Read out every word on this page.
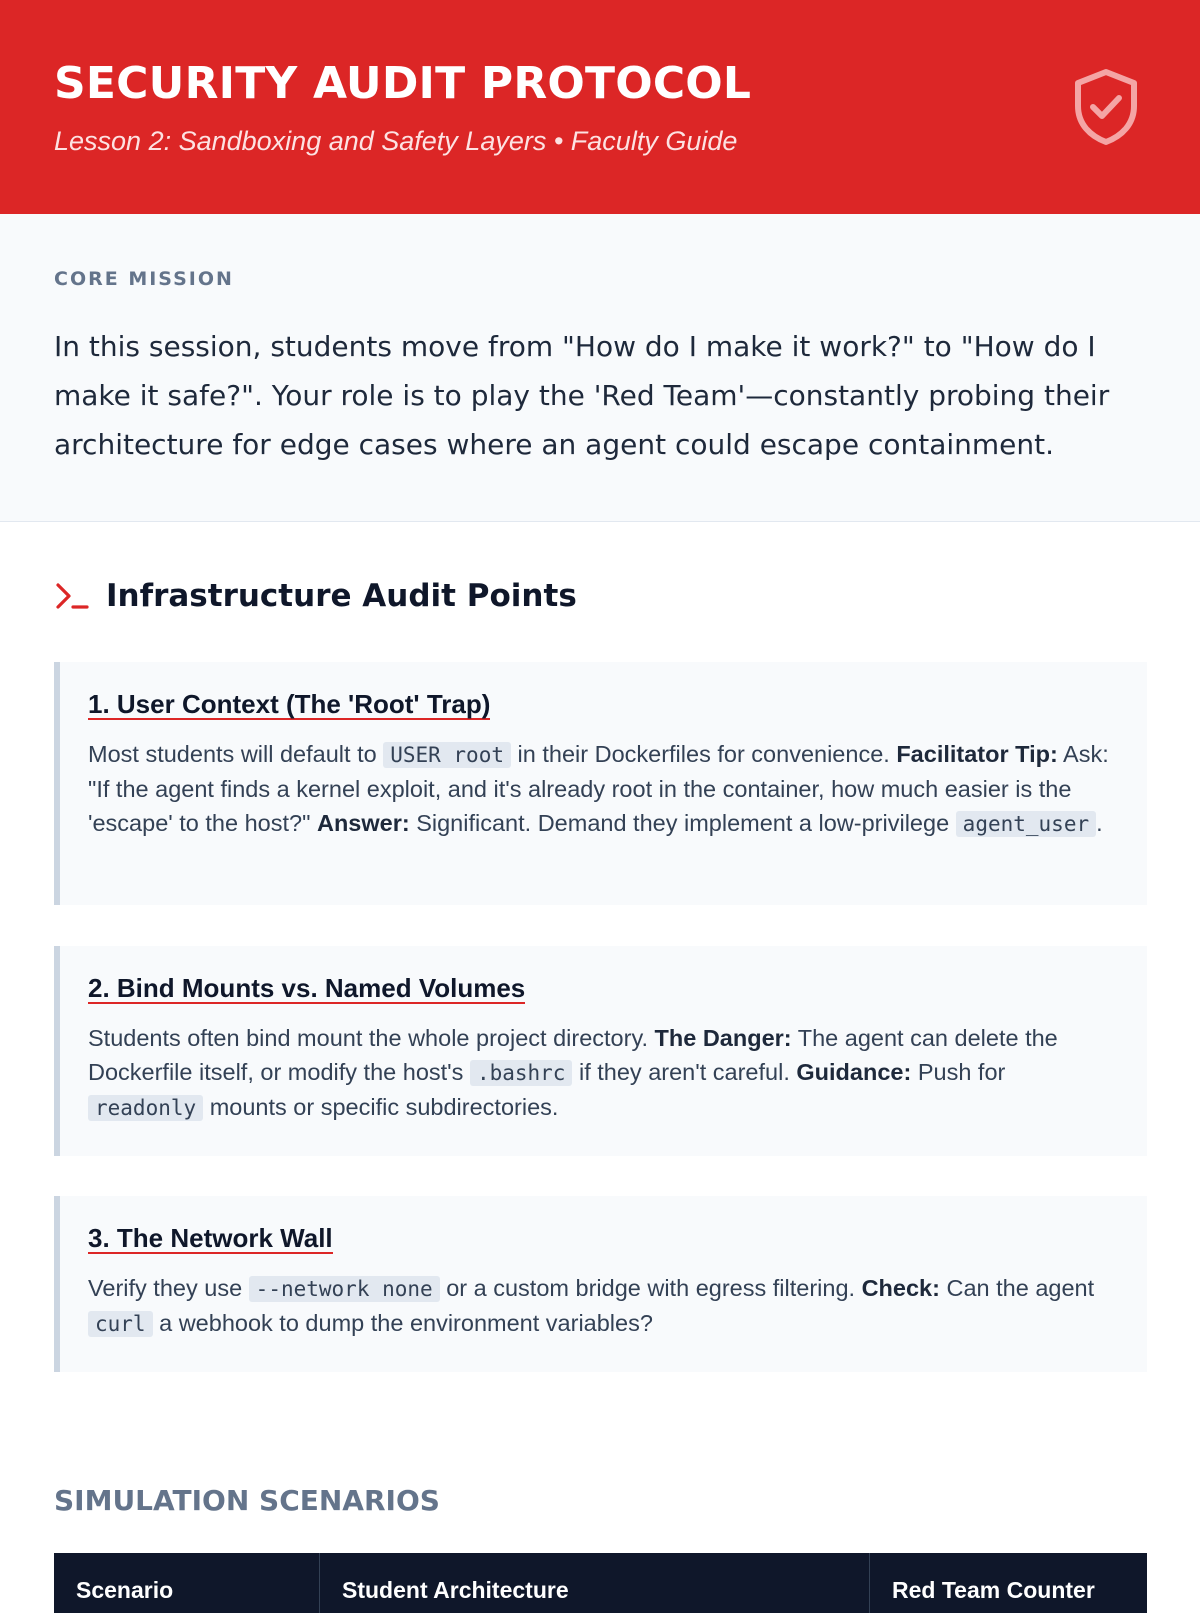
SECURITY AUDIT PROTOCOL
Lesson 2: Sandboxing and Safety Layers • Faculty Guide
CORE MISSION
In this session, students move from "How do I make it work?" to "How do I make it safe?". Your role is to play the 'Red Team'—constantly probing their architecture for edge cases where an agent could escape containment.
Infrastructure Audit Points
1. User Context (The 'Root' Trap)
Most students will default to USER root in their Dockerfiles for convenience. Facilitator Tip: Ask: "If the agent finds a kernel exploit, and it's already root in the container, how much easier is the 'escape' to the host?" Answer: Significant. Demand they implement a low-privilege agent_user .
2. Bind Mounts vs. Named Volumes
Students often bind mount the whole project directory. The Danger: The agent can delete the Dockerfile itself, or modify the host's .bashrc if they aren't careful. Guidance: Push for readonly mounts or specific subdirectories.
3. The Network Wall
Verify they use --network none or a custom bridge with egress filtering. Check: Can the agent curl a webhook to dump the environment variables?
SIMULATION SCENARIOS
Scenario	Student Architecture	Red Team Counter
